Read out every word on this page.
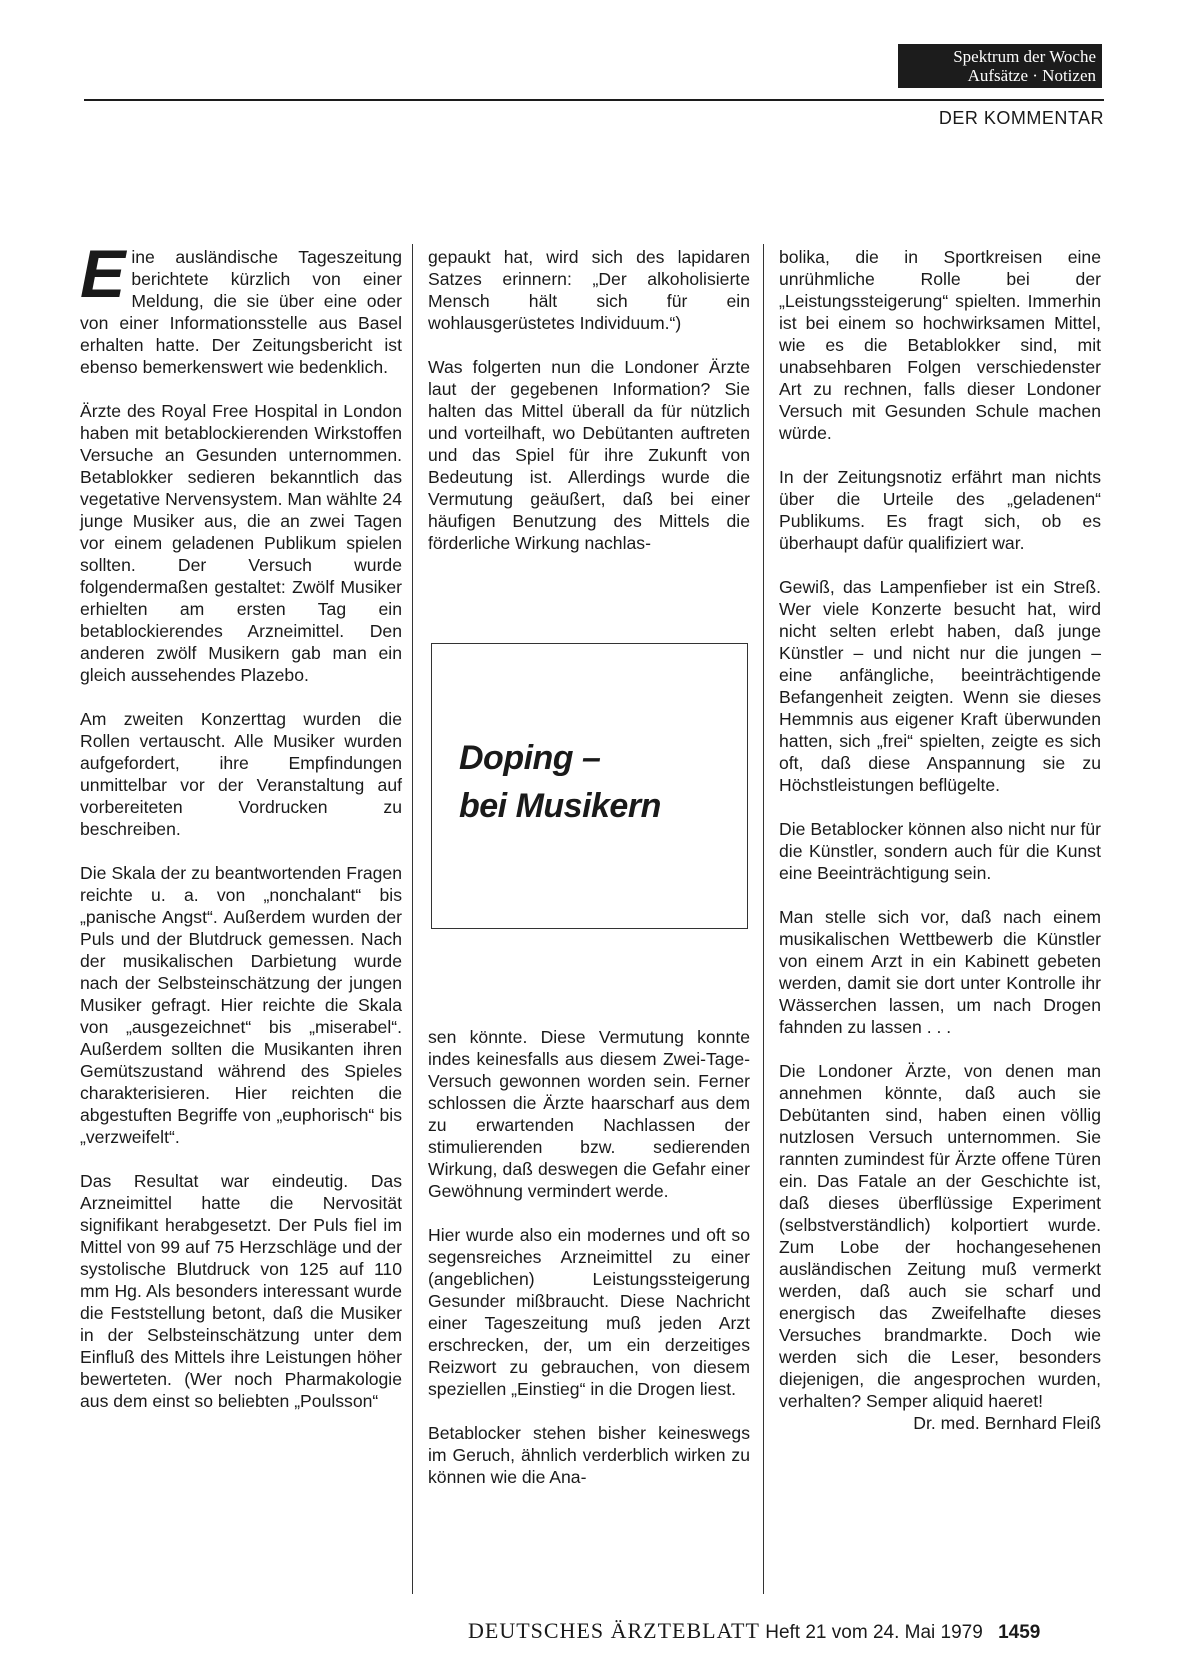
Spektrum der Woche
Aufsätze · Notizen
DER KOMMENTAR

Eine ausländische Tageszeitung berichtete kürzlich von einer Meldung, die sie über eine oder von einer Informationsstelle aus Basel erhalten hatte. Der Zeitungsbericht ist ebenso bemerkenswert wie bedenklich.

Ärzte des Royal Free Hospital in London haben mit betablockierenden Wirkstoffen Versuche an Gesunden unternommen. Betablokker sedieren bekanntlich das vegetative Nervensystem. Man wählte 24 junge Musiker aus, die an zwei Tagen vor einem geladenen Publikum spielen sollten. Der Versuch wurde folgendermaßen gestaltet: Zwölf Musiker erhielten am ersten Tag ein betablockierendes Arzneimittel. Den anderen zwölf Musikern gab man ein gleich aussehendes Plazebo.

Am zweiten Konzerttag wurden die Rollen vertauscht. Alle Musiker wurden aufgefordert, ihre Empfindungen unmittelbar vor der Veranstaltung auf vorbereiteten Vordrucken zu beschreiben.

Die Skala der zu beantwortenden Fragen reichte u. a. von „nonchalant“ bis „panische Angst“. Außerdem wurden der Puls und der Blutdruck gemessen. Nach der musikalischen Darbietung wurde nach der Selbsteinschätzung der jungen Musiker gefragt. Hier reichte die Skala von „ausgezeichnet“ bis „miserabel“. Außerdem sollten die Musikanten ihren Gemütszustand während des Spieles charakterisieren. Hier reichten die abgestuften Begriffe von „euphorisch“ bis „verzweifelt“.

Das Resultat war eindeutig. Das Arzneimittel hatte die Nervosität signifikant herabgesetzt. Der Puls fiel im Mittel von 99 auf 75 Herzschläge und der systolische Blutdruck von 125 auf 110 mm Hg. Als besonders interessant wurde die Feststellung betont, daß die Musiker in der Selbsteinschätzung unter dem Einfluß des Mittels ihre Leistungen höher bewerteten. (Wer noch Pharmakologie aus dem einst so beliebten „Poulsson“

gepaukt hat, wird sich des lapidaren Satzes erinnern: „Der alkoholisierte Mensch hält sich für ein wohlausgerüstetes Individuum.“)

Was folgerten nun die Londoner Ärzte laut der gegebenen Information? Sie halten das Mittel überall da für nützlich und vorteilhaft, wo Debütanten auftreten und das Spiel für ihre Zukunft von Bedeutung ist. Allerdings wurde die Vermutung geäußert, daß bei einer häufigen Benutzung des Mittels die förderliche Wirkung nachlas-

Doping –
bei Musikern

sen könnte. Diese Vermutung konnte indes keinesfalls aus diesem Zwei-Tage-Versuch gewonnen worden sein. Ferner schlossen die Ärzte haarscharf aus dem zu erwartenden Nachlassen der stimulierenden bzw. sedierenden Wirkung, daß deswegen die Gefahr einer Gewöhnung vermindert werde.

Hier wurde also ein modernes und oft so segensreiches Arzneimittel zu einer (angeblichen) Leistungssteigerung Gesunder mißbraucht. Diese Nachricht einer Tageszeitung muß jeden Arzt erschrecken, der, um ein derzeitiges Reizwort zu gebrauchen, von diesem speziellen „Einstieg“ in die Drogen liest.

Betablocker stehen bisher keineswegs im Geruch, ähnlich verderblich wirken zu können wie die Ana-

bolika, die in Sportkreisen eine unrühmliche Rolle bei der „Leistungssteigerung“ spielten. Immerhin ist bei einem so hochwirksamen Mittel, wie es die Betablokker sind, mit unabsehbaren Folgen verschiedenster Art zu rechnen, falls dieser Londoner Versuch mit Gesunden Schule machen würde.

In der Zeitungsnotiz erfährt man nichts über die Urteile des „geladenen“ Publikums. Es fragt sich, ob es überhaupt dafür qualifiziert war.

Gewiß, das Lampenfieber ist ein Streß. Wer viele Konzerte besucht hat, wird nicht selten erlebt haben, daß junge Künstler – und nicht nur die jungen – eine anfängliche, beeinträchtigende Befangenheit zeigten. Wenn sie dieses Hemmnis aus eigener Kraft überwunden hatten, sich „frei“ spielten, zeigte es sich oft, daß diese Anspannung sie zu Höchstleistungen beflügelte.

Die Betablocker können also nicht nur für die Künstler, sondern auch für die Kunst eine Beeinträchtigung sein.

Man stelle sich vor, daß nach einem musikalischen Wettbewerb die Künstler von einem Arzt in ein Kabinett gebeten werden, damit sie dort unter Kontrolle ihr Wässerchen lassen, um nach Drogen fahnden zu lassen . . .

Die Londoner Ärzte, von denen man annehmen könnte, daß auch sie Debütanten sind, haben einen völlig nutzlosen Versuch unternommen. Sie rannten zumindest für Ärzte offene Türen ein. Das Fatale an der Geschichte ist, daß dieses überflüssige Experiment (selbstverständlich) kolportiert wurde. Zum Lobe der hochangesehenen ausländischen Zeitung muß vermerkt werden, daß auch sie scharf und energisch das Zweifelhafte dieses Versuches brandmarkte. Doch wie werden sich die Leser, besonders diejenigen, die angesprochen wurden, verhalten? Semper aliquid haeret!

Dr. med. Bernhard Fleiß

DEUTSCHES ÄRZTEBLATT Heft 21 vom 24. Mai 1979 1459
